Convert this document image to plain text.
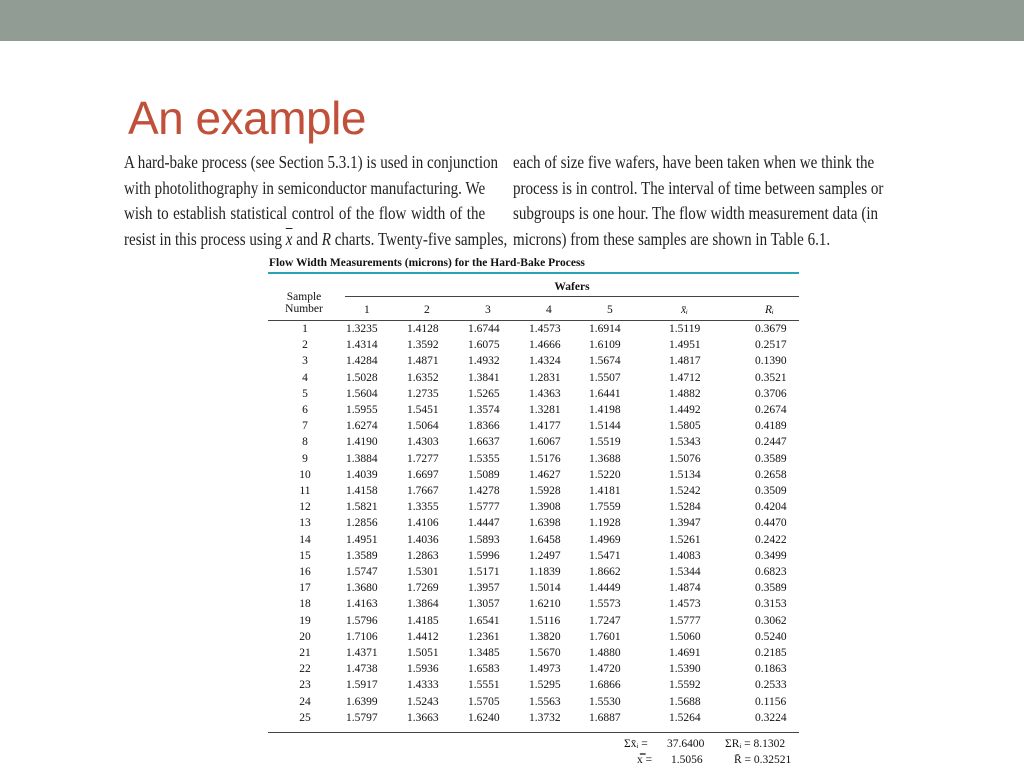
An example
A hard-bake process (see Section 5.3.1) is used in conjunction
with photolithography in semiconductor manufacturing. We
wish to establish statistical control of the flow width of the
resist in this process using $\overline{x}$ and R charts. Twenty-five samples,
each of size five wafers, have been taken when we think the
process is in control. The interval of time between samples or
subgroups is one hour. The flow width measurement data (in
microns) from these samples are shown in Table 6.1.
Flow Width Measurements (microns) for the Hard-Bake Process
Wafers
Sample
Number	1	2	3	4	5	x̄ᵢ	Rᵢ
1	1.3235	1.4128	1.6744	1.4573 1.6914	1.5119	0.3679
2	1.4314	1.3592	1.6075	1.4666 1.6109	1.4951	0.2517
3	1.4284	1.4871	1.4932	1.4324 1.5674	1.4817	0.1390
4	1.5028	1.6352	1.3841	1.2831 1.5507	1.4712	0.3521
5	1.5604	1.2735	1.5265	1.4363 1.6441	1.4882	0.3706
6	1.5955	1.5451	1.3574	1.3281 1.4198	1.4492	0.2674
7	1.6274	1.5064	1.8366	1.4177 1.5144	1.5805	0.4189
8	1.4190	1.4303	1.6637	1.6067 1.5519	1.5343	0.2447
9	1.3884	1.7277	1.5355	1.5176 1.3688	1.5076	0.3589
10	1.4039	1.6697	1.5089	1.4627 1.5220	1.5134	0.2658
11	1.4158	1.7667	1.4278	1.5928 1.4181	1.5242	0.3509
12	1.5821	1.3355	1.5777	1.3908 1.7559	1.5284	0.4204
13	1.2856	1.4106	1.4447	1.6398 1.1928	1.3947	0.4470
14	1.4951	1.4036	1.5893	1.6458 1.4969	1.5261	0.2422
15	1.3589	1.2863	1.5996	1.2497 1.5471	1.4083	0.3499
16	1.5747	1.5301	1.5171	1.1839 1.8662	1.5344	0.6823
17	1.3680	1.7269	1.3957	1.5014 1.4449	1.4874	0.3589
18	1.4163	1.3864	1.3057	1.6210 1.5573	1.4573	0.3153
19	1.5796	1.4185	1.6541	1.5116	1.7247	1.5777	0.3062
20	1.7106	1.4412	1.2361	1.3820 1.7601	1.5060	0.5240
21	1.4371	1.5051	1.3485	1.5670 1.4880	1.4691	0.2185
22	1.4738	1.5936	1.6583	1.4973 1.4720	1.5390	0.1863
23	1.5917	1.4333	1.5551	1.5295 1.6866	1.5592	0.2533
24	1.6399	1.5243	1.5705	1.5563 1.5530	1.5688	0.1156
25	1.5797	1.3663	1.6240	1.3732 1.6887	1.5264	0.3224
Σx̄ᵢ = 37.6400 ΣRᵢ = 8.1302
x̿ = 1.5056	R̄ = 0.32521
